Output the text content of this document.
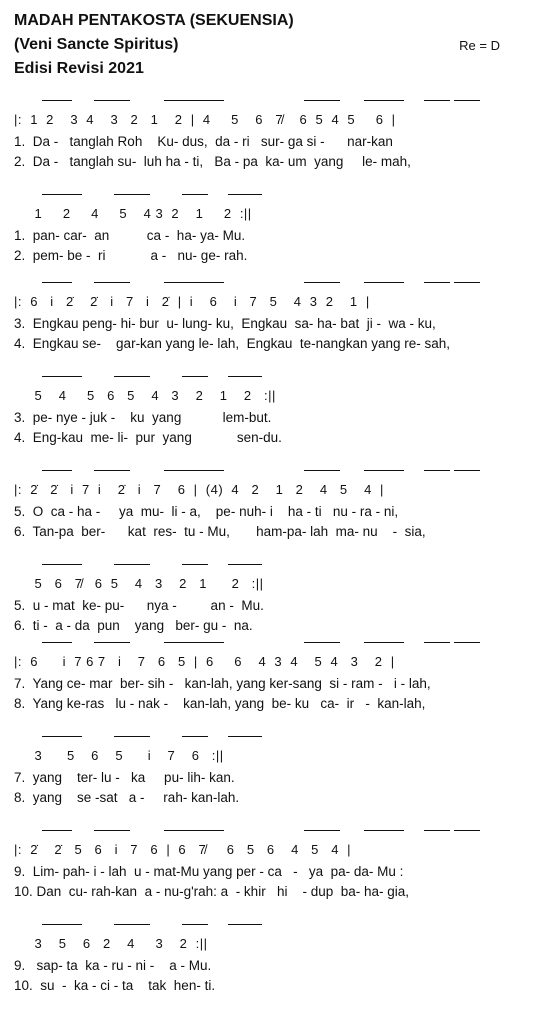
MADAH PENTAKOSTA (SEKUENSIA)
(Veni Sancte Spiritus)
Edisi Revisi 2021
Re = D
|:  1  2    3  4    3   2   1    2  |  4     5    6   7̸    6  5  4  5     6  |
1.  Da -   tanglah Roh    Ku- dus,  da - ri   sur- ga si -      nar-kan
2.  Da -   tanglah su-  luh ha - ti,   Ba - pa  ka- um  yang     le- mah,
1     2     4     5    4 3  2    1     2  :||
1.  pan- car-  an          ca -  ha- ya- Mu.
2.  pem- be -  ri            a -   nu- ge- rah.
|:  6   i   2̇    2̇   i   7   i   2̇  |  i    6    i   7   5    4  3  2    1  |
3.  Engkau peng- hi- bur  u- lung- ku,  Engkau  sa- ha- bat  ji -  wa - ku,
4.  Engkau se-    gar-kan yang le- lah,  Engkau  te-nangkan yang re- sah,
5    4     5   6   5    4   3    2    1    2   :||
3.  pe- nye - juk -    ku  yang           lem-but.
4.  Eng-kau  me- li-  pur  yang            sen-du.
|:  2̇   2̇   i  7  i    2̇   i   7    6  |  (4)  4   2    1   2    4   5    4  |
5.  O  ca - ha -     ya  mu-  li - a,    pe- nuh- i    ha - ti   nu - ra - ni,
6.  Tan-pa  ber-      kat  res-  tu - Mu,       ham-pa- lah  ma- nu    -  sia,
5   6   7̸   6  5    4   3    2   1      2   :||
5.  u - mat  ke- pu-      nya -         an -  Mu.
6.  ti -  a - da  pun    yang   ber- gu -  na.
|:  6      i  7 6 7   i    7   6   5  |  6     6    4  3  4    5  4   3    2  |
7.  Yang ce- mar  ber- sih -   kan-lah, yang ker-sang  si - ram -   i - lah,
8.  Yang ke-ras   lu - nak -    kan-lah, yang  be- ku   ca-  ir   -  kan-lah,
3      5    6    5      i    7    6   :||
7.  yang    ter- lu -   ka     pu- lih- kan.
8.  yang    se -sat   a -     rah- kan-lah.
|:  2̇    2̇   5   6   i   7   6  |  6   7̸     6   5   6    4   5   4  |
9.  Lim- pah- i - lah  u - mat-Mu yang per - ca   -   ya  pa- da- Mu :
10. Dan  cu- rah-kan  a - nu-g'rah: a  - khir   hi    - dup  ba- ha- gia,
3    5    6   2    4     3    2  :||
9.   sap- ta  ka - ru - ni -    a - Mu.
10.  su  -  ka - ci - ta    tak  hen- ti.
